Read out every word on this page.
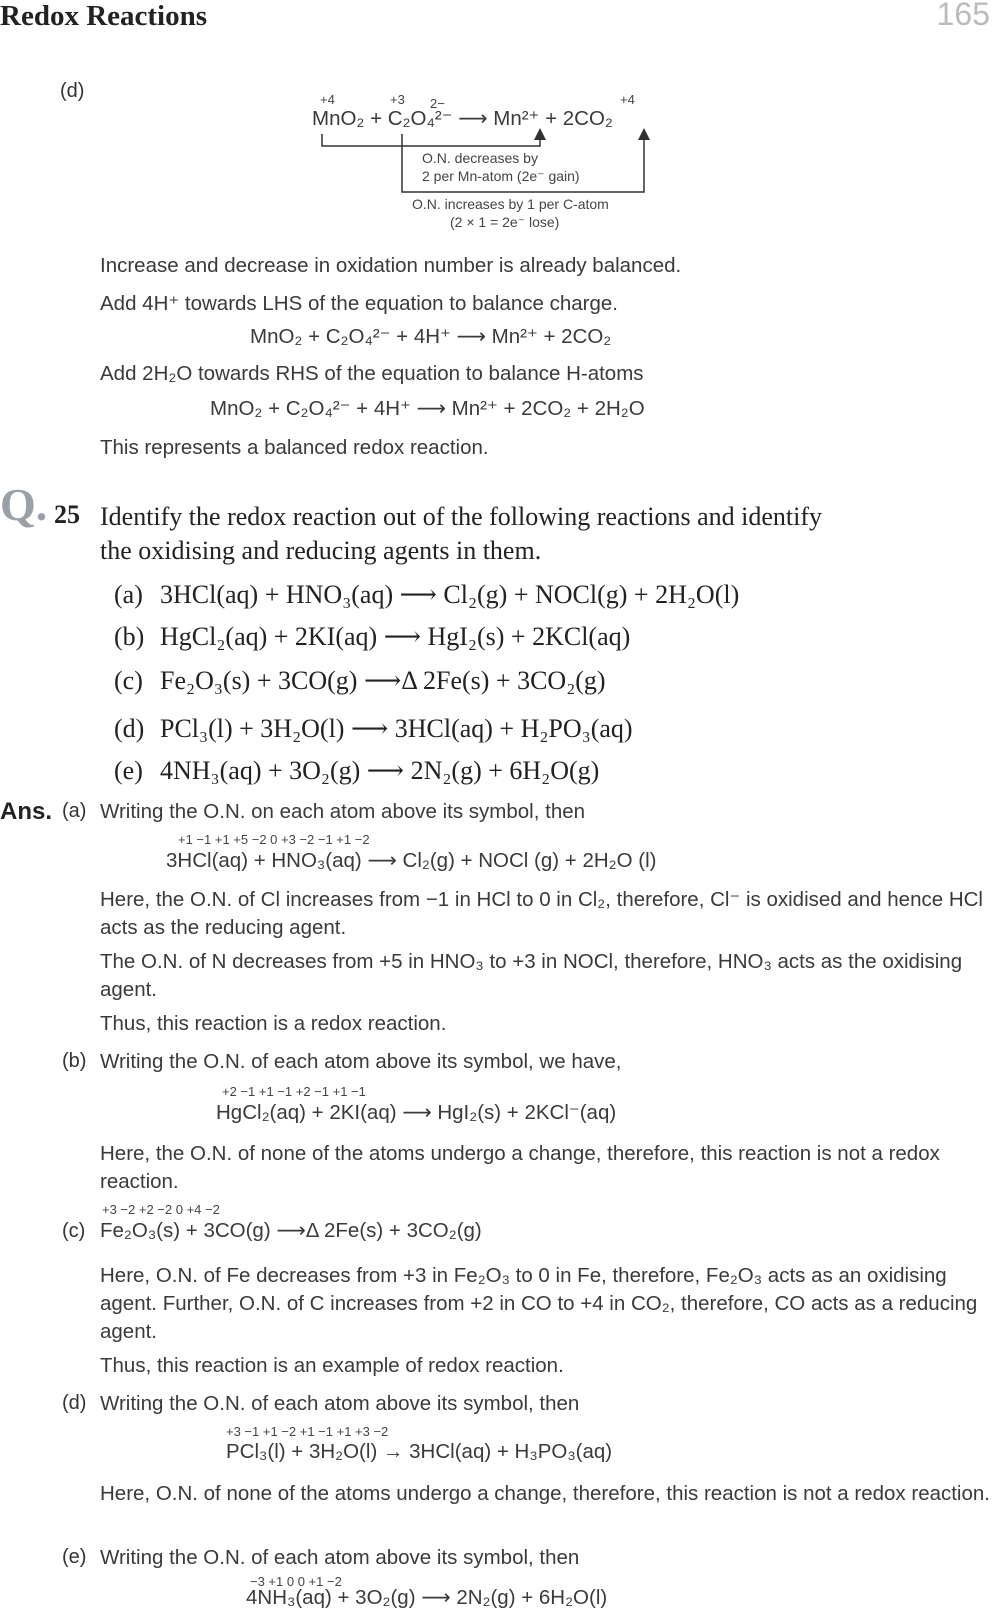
Redox Reactions	165
(d)	+4	+3 2−	+4
MnO₂ + C₂O₄²⁻ ⟶ Mn²⁺ + 2CO₂
O.N. decreases by
2 per Mn-atom (2e⁻ gain)
O.N. increases by 1 per C-atom
(2 × 1 = 2e⁻ lose)
Increase and decrease in oxidation number is already balanced.
Add 4H⁺ towards LHS of the equation to balance charge.
MnO₂ + C₂O₄²⁻ + 4H⁺ ⟶ Mn²⁺ + 2CO₂
Add 2H₂O towards RHS of the equation to balance H-atoms
MnO₂ + C₂O₄²⁻ + 4H⁺ ⟶ Mn²⁺ + 2CO₂ + 2H₂O
This represents a balanced redox reaction.
Q. 25 Identify the redox reaction out of the following reactions and identify
the oxidising and reducing agents in them.
(a) 3HCl(aq) + HNO₃(aq) ⟶ Cl₂(g) + NOCl(g) + 2H₂O(l)
(b) HgCl₂(aq) + 2KI(aq) ⟶ HgI₂(s) + 2KCl(aq)
(c) Fe₂O₃(s) + 3CO(g) ⟶Δ 2Fe(s) + 3CO₂(g)
(d) PCl₃(l) + 3H₂O(l) ⟶ 3HCl(aq) + H₂PO₃(aq)
(e) 4NH₃(aq) + 3O₂(g) ⟶ 2N₂(g) + 6H₂O(g)
Ans. (a) Writing the O.N. on each atom above its symbol, then
+1 −1 +1 +5 −2 0 +3 −2 −1 +1 −2
3HCl(aq) + HNO₃(aq) ⟶ Cl₂(g) + NOCl (g) + 2H₂O (l)
Here, the O.N. of Cl increases from −1 in HCl to 0 in Cl₂, therefore, Cl⁻ is oxidised and hence HCl acts as the reducing agent.
The O.N. of N decreases from +5 in HNO₃ to +3 in NOCl, therefore, HNO₃ acts as the oxidising agent.
Thus, this reaction is a redox reaction.
(b) Writing the O.N. of each atom above its symbol, we have,
+2 −1 +1 −1 +2 −1 +1 −1
HgCl₂(aq) + 2KI(aq) ⟶ HgI₂(s) + 2KCl⁻(aq)
Here, the O.N. of none of the atoms undergo a change, therefore, this reaction is not a redox reaction.
+3 −2 +2 −2 0 +4 −2
(c) Fe₂O₃(s) + 3CO(g) ⟶Δ 2Fe(s) + 3CO₂(g)
Here, O.N. of Fe decreases from +3 in Fe₂O₃ to 0 in Fe, therefore, Fe₂O₃ acts as an oxidising agent. Further, O.N. of C increases from +2 in CO to +4 in CO₂, therefore, CO acts as a reducing agent.
Thus, this reaction is an example of redox reaction.
(d) Writing the O.N. of each atom above its symbol, then
+3 −1 +1 −2 +1 −1 +1 +3 −2
PCl₃(l) + 3H₂O(l) → 3HCl(aq) + H₃PO₃(aq)
Here, O.N. of none of the atoms undergo a change, therefore, this reaction is not a redox reaction.
(e) Writing the O.N. of each atom above its symbol, then
−3 +1 0 0 +1 −2
4NH₃(aq) + 3O₂(g) ⟶ 2N₂(g) + 6H₂O(l)
